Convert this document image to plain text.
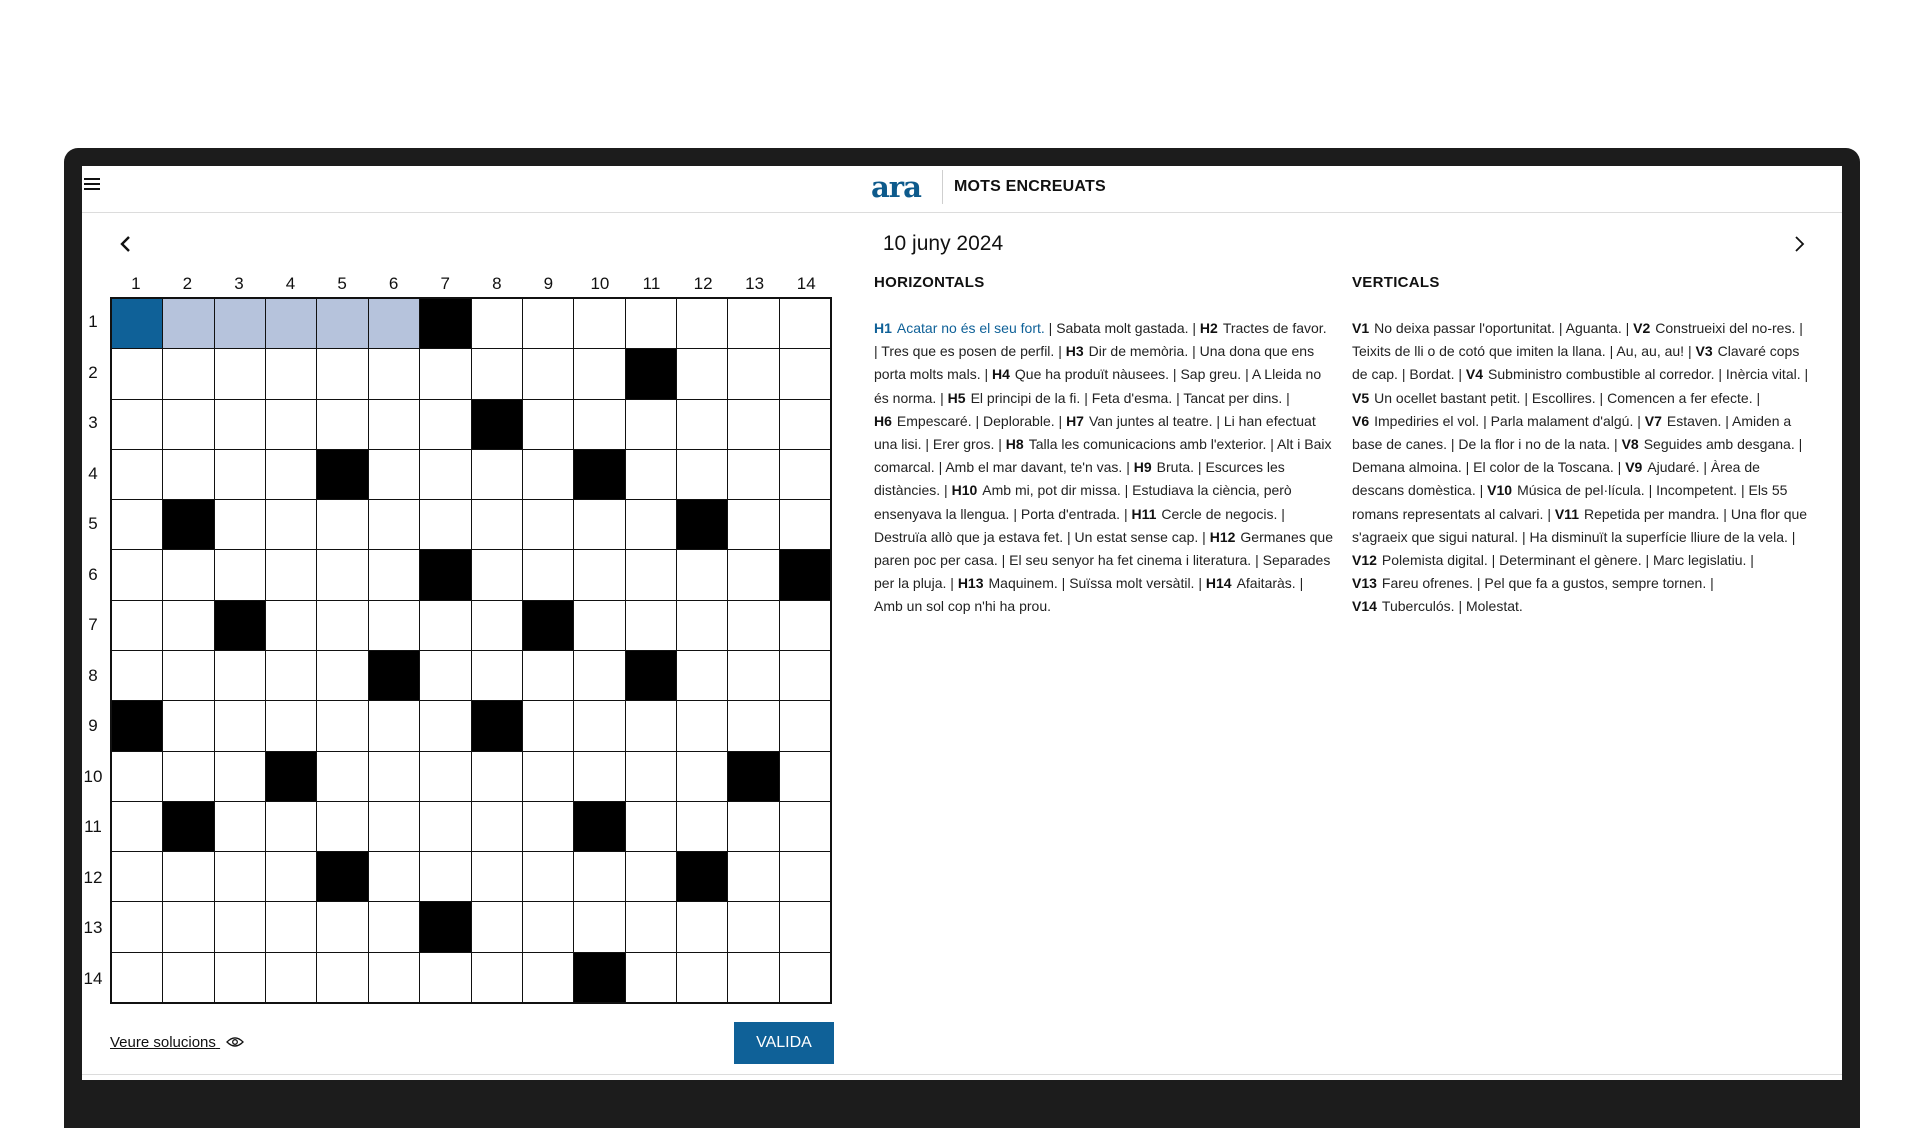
ara MOTS ENCREUATS
10 juny 2024
1	2	3	4	5	6	7	8	9	10	11	12	13	14
1
2
3
4
5
6
7
8
9
10
11
12
13
14
Veure solucions	VALIDA
HORIZONTALS
H1 Acatar no és el seu fort. | Sabata molt gastada. | H2 Tractes de favor. | Tres que es posen de perfil. | H3 Dir de memòria. | Una dona que ens porta molts mals. | H4 Que ha produït nàusees. | Sap greu. | A Lleida no és norma. | H5 El principi de la fi. | Feta d'esma. | Tancat per dins. | H6 Empescaré. | Deplorable. | H7 Van juntes al teatre. | Li han efectuat una lisi. | Erer gros. | H8 Talla les comunicacions amb l'exterior. | Alt i Baix comarcal. | Amb el mar davant, te'n vas. | H9 Bruta. | Escurces les distàncies. | H10 Amb mi, pot dir missa. | Estudiava la ciència, però ensenyava la llengua. | Porta d'entrada. | H11 Cercle de negocis. | Destruïa allò que ja estava fet. | Un estat sense cap. | H12 Germanes que paren poc per casa. | El seu senyor ha fet cinema i literatura. | Separades per la pluja. | H13 Maquinem. | Suïssa molt versàtil. | H14 Afaitaràs. | Amb un sol cop n'hi ha prou.
VERTICALS
V1 No deixa passar l'oportunitat. | Aguanta. | V2 Construeixi del no-res. | Teixits de lli o de cotó que imiten la llana. | Au, au, au! | V3 Clavaré cops de cap. | Bordat. | V4 Subministro combustible al corredor. | Inèrcia vital. | V5 Un ocellet bastant petit. | Escollires. | Comencen a fer efecte. | V6 Impediries el vol. | Parla malament d'algú. | V7 Estaven. | Amiden a base de canes. | De la flor i no de la nata. | V8 Seguides amb desgana. | Demana almoina. | El color de la Toscana. | V9 Ajudaré. | Àrea de descans domèstica. | V10 Música de pel·lícula. | Incompetent. | Els 55 romans representats al calvari. | V11 Repetida per mandra. | Una flor que s'agraeix que sigui natural. | Ha disminuït la superfície lliure de la vela. | V12 Polemista digital. | Determinant el gènere. | Marc legislatiu. | V13 Fareu ofrenes. | Pel que fa a gustos, sempre tornen. | V14 Tuberculós. | Molestat.
